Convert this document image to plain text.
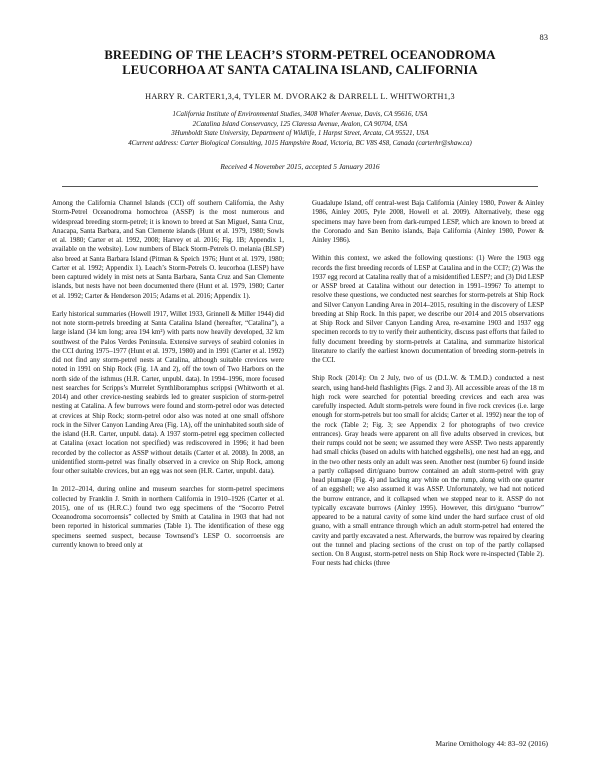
83
BREEDING OF THE LEACH’S STORM-PETREL OCEANODROMA
LEUCORHOA AT SANTA CATALINA ISLAND, CALIFORNIA
HARRY R. CARTER1,3,4, TYLER M. DVORAK2 & DARRELL L. WHITWORTH1,3
1California Institute of Environmental Studies, 3408 Whaler Avenue, Davis, CA 95616, USA
2Catalina Island Conservancy, 125 Claressa Avenue, Avalon, CA 90704, USA
3Humboldt State University, Department of Wildlife, 1 Harpst Street, Arcata, CA 95521, USA
4Current address: Carter Biological Consulting, 1015 Hampshire Road, Victoria, BC V8S 4S8, Canada (carterhr@shaw.ca)
Received 4 November 2015, accepted 5 January 2016

Among the California Channel Islands (CCI) off southern California, the Ashy Storm-Petrel Oceanodroma homochroa (ASSP) is the most numerous and widespread breeding storm-petrel; it is known to breed at San Miguel, Santa Cruz, Anacapa, Santa Barbara, and San Clemente islands (Hunt et al. 1979, 1980; Sowls et al. 1980; Carter et al. 1992, 2008; Harvey et al. 2016; Fig. 1B; Appendix 1, available on the website). Low numbers of Black Storm-Petrels O. melania (BLSP) also breed at Santa Barbara Island (Pitman & Speich 1976; Hunt et al. 1979, 1980; Carter et al. 1992; Appendix 1). Leach’s Storm-Petrels O. leucorhoa (LESP) have been captured widely in mist nets at Santa Barbara, Santa Cruz and San Clemente islands, but nests have not been documented there (Hunt et al. 1979, 1980; Carter et al. 1992; Carter & Henderson 2015; Adams et al. 2016; Appendix 1).

Early historical summaries (Howell 1917, Willet 1933, Grinnell & Miller 1944) did not note storm-petrels breeding at Santa Catalina Island (hereafter, “Catalina”), a large island (34 km long; area 194 km²) with parts now heavily developed, 32 km southwest of the Palos Verdes Peninsula. Extensive surveys of seabird colonies in the CCI during 1975–1977 (Hunt et al. 1979, 1980) and in 1991 (Carter et al. 1992) did not find any storm-petrel nests at Catalina, although suitable crevices were noted in 1991 on Ship Rock (Fig. 1A and 2), off the town of Two Harbors on the north side of the isthmus (H.R. Carter, unpubl. data). In 1994–1996, more focused nest searches for Scripps’s Murrelet Synthliboramphus scrippsi (Whitworth et al. 2014) and other crevice-nesting seabirds led to greater suspicion of storm-petrel nesting at Catalina. A few burrows were found and storm-petrel odor was detected at crevices at Ship Rock; storm-petrel odor also was noted at one small offshore rock in the Silver Canyon Landing Area (Fig. 1A), off the uninhabited south side of the island (H.R. Carter, unpubl. data). A 1937 storm-petrel egg specimen collected at Catalina (exact location not specified) was rediscovered in 1996; it had been recorded by the collector as ASSP without details (Carter et al. 2008). In 2008, an unidentified storm-petrel was finally observed in a crevice on Ship Rock, among four other suitable crevices, but an egg was not seen (H.R. Carter, unpubl. data).

In 2012–2014, during online and museum searches for storm-petrel specimens collected by Franklin J. Smith in northern California in 1910–1926 (Carter et al. 2015), one of us (H.R.C.) found two egg specimens of the “Socorro Petrel Oceanodroma socorroensis” collected by Smith at Catalina in 1903 that had not been reported in historical summaries (Table 1). The identification of these egg specimens seemed suspect, because Townsend’s LESP O. socorroensis are currently known to breed only at

Guadalupe Island, off central-west Baja California (Ainley 1980, Power & Ainley 1986, Ainley 2005, Pyle 2008, Howell et al. 2009). Alternatively, these egg specimens may have been from dark-rumped LESP, which are known to breed at the Coronado and San Benito islands, Baja California (Ainley 1980, Power & Ainley 1986).

Within this context, we asked the following questions: (1) Were the 1903 egg records the first breeding records of LESP at Catalina and in the CCI?; (2) Was the 1937 egg record at Catalina really that of a misidentified LESP?; and (3) Did LESP or ASSP breed at Catalina without our detection in 1991–1996? To attempt to resolve these questions, we conducted nest searches for storm-petrels at Ship Rock and Silver Canyon Landing Area in 2014–2015, resulting in the discovery of LESP breeding at Ship Rock. In this paper, we describe our 2014 and 2015 observations at Ship Rock and Silver Canyon Landing Area, re-examine 1903 and 1937 egg specimen records to try to verify their authenticity, discuss past efforts that failed to fully document breeding by storm-petrels at Catalina, and summarize historical literature to clarify the earliest known documentation of breeding storm-petrels in the CCI.

Ship Rock (2014): On 2 July, two of us (D.L.W. & T.M.D.) conducted a nest search, using hand-held flashlights (Figs. 2 and 3). All accessible areas of the 18 m high rock were searched for potential breeding crevices and each area was carefully inspected. Adult storm-petrels were found in five rock crevices (i.e. large enough for storm-petrels but too small for alcids; Carter et al. 1992) near the top of the rock (Table 2; Fig. 3; see Appendix 2 for photographs of two crevice entrances). Gray heads were apparent on all five adults observed in crevices, but their rumps could not be seen; we assumed they were ASSP. Two nests apparently had small chicks (based on adults with hatched eggshells), one nest had an egg, and in the two other nests only an adult was seen. Another nest (number 6) found inside a partly collapsed dirt/guano burrow contained an adult storm-petrel with gray head plumage (Fig. 4) and lacking any white on the rump, along with one quarter of an eggshell; we also assumed it was ASSP. Unfortunately, we had not noticed the burrow entrance, and it collapsed when we stepped near to it. ASSP do not typically excavate burrows (Ainley 1995). However, this dirt/guano “burrow” appeared to be a natural cavity of some kind under the hard surface crust of old guano, with a small entrance through which an adult storm-petrel had entered the cavity and partly excavated a nest. Afterwards, the burrow was repaired by clearing out the tunnel and placing sections of the crust on top of the partly collapsed section. On 8 August, storm-petrel nests on Ship Rock were re-inspected (Table 2). Four nests had chicks (three

Marine Ornithology 44: 83–92 (2016)
